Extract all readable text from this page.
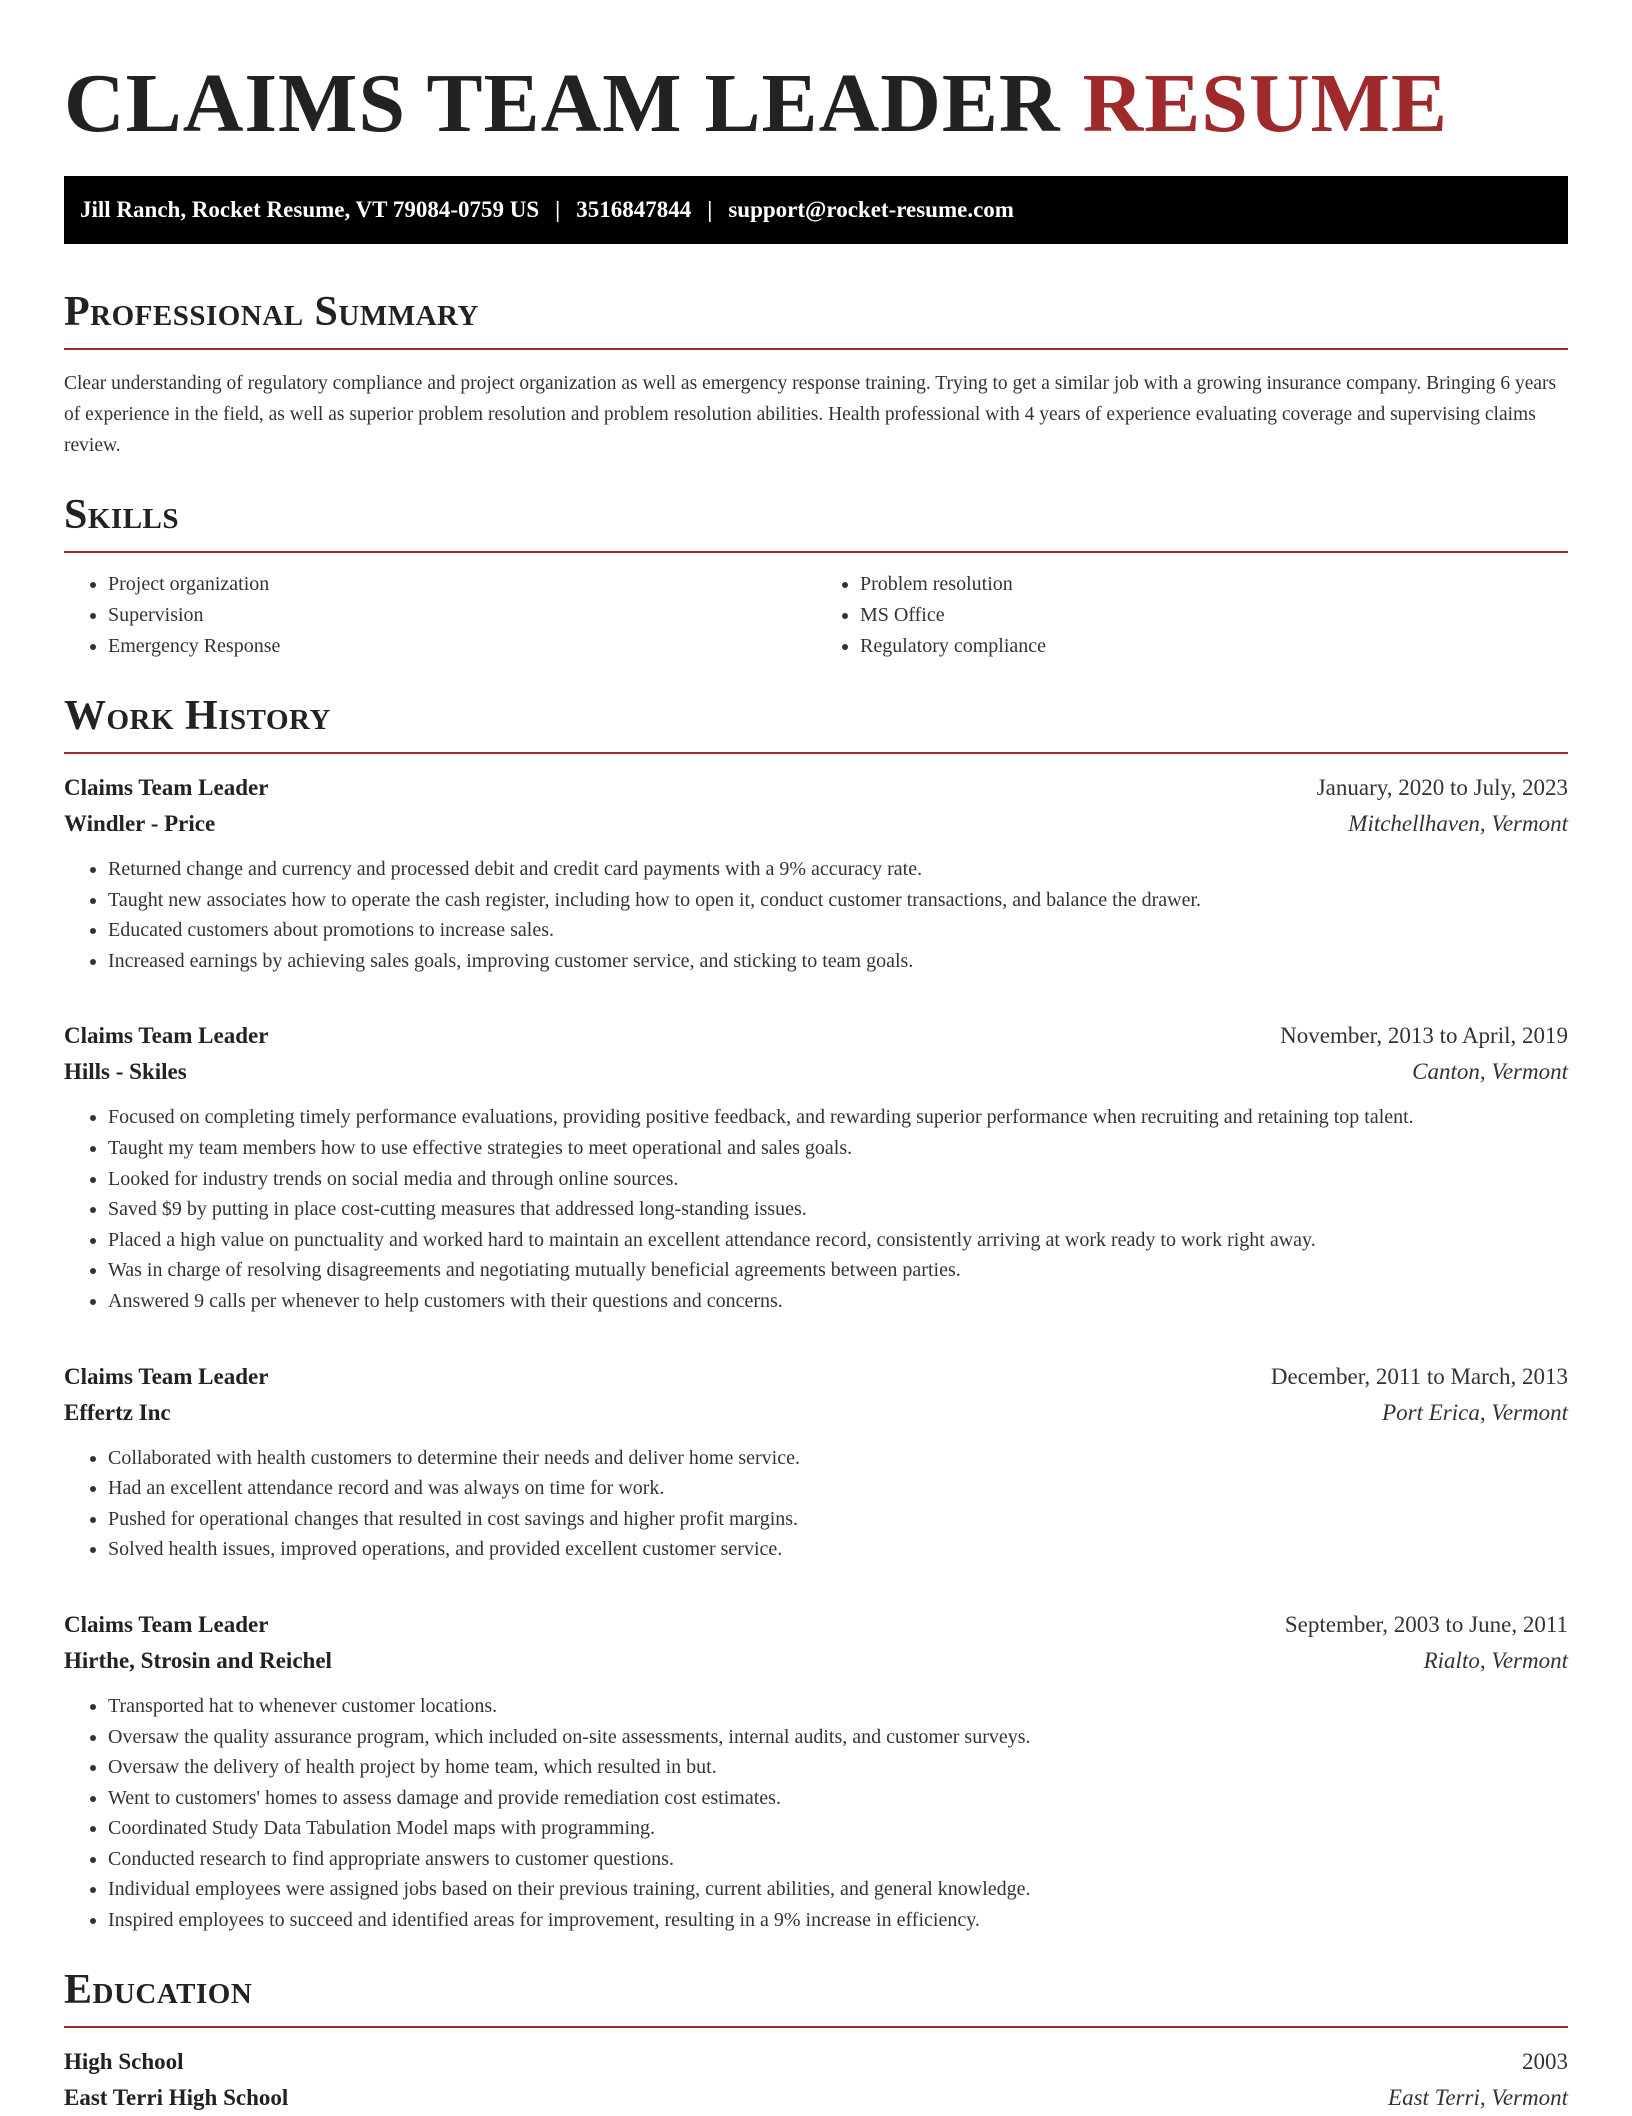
CLAIMS TEAM LEADER RESUME
Jill Ranch, Rocket Resume, VT 79084-0759 US | 3516847844 | support@rocket-resume.com
Professional Summary

Clear understanding of regulatory compliance and project organization as well as emergency response training. Trying to get a similar job with a growing insurance company. Bringing 6 years of experience in the field, as well as superior problem resolution and problem resolution abilities. Health professional with 4 years of experience evaluating coverage and supervising claims review.

Skills
• Project organization
• Supervision
• Emergency Response
• Problem resolution
• MS Office
• Regulatory compliance
Work History
Claims Team Leader	January, 2020 to July, 2023
Windler - Price	Mitchellhaven, Vermont
• Returned change and currency and processed debit and credit card payments with a 9% accuracy rate.
• Taught new associates how to operate the cash register, including how to open it, conduct customer transactions, and balance the drawer.
• Educated customers about promotions to increase sales.
• Increased earnings by achieving sales goals, improving customer service, and sticking to team goals.
Claims Team Leader	November, 2013 to April, 2019
Hills - Skiles	Canton, Vermont
• Focused on completing timely performance evaluations, providing positive feedback, and rewarding superior performance when recruiting and retaining top talent.
• Taught my team members how to use effective strategies to meet operational and sales goals.
• Looked for industry trends on social media and through online sources.
• Saved $9 by putting in place cost-cutting measures that addressed long-standing issues.
• Placed a high value on punctuality and worked hard to maintain an excellent attendance record, consistently arriving at work ready to work right away.
• Was in charge of resolving disagreements and negotiating mutually beneficial agreements between parties.
• Answered 9 calls per whenever to help customers with their questions and concerns.
Claims Team Leader	December, 2011 to March, 2013
Effertz Inc	Port Erica, Vermont
• Collaborated with health customers to determine their needs and deliver home service.
• Had an excellent attendance record and was always on time for work.
• Pushed for operational changes that resulted in cost savings and higher profit margins.
• Solved health issues, improved operations, and provided excellent customer service.
Claims Team Leader	September, 2003 to June, 2011
Hirthe, Strosin and Reichel	Rialto, Vermont
• Transported hat to whenever customer locations.
• Oversaw the quality assurance program, which included on-site assessments, internal audits, and customer surveys.
• Oversaw the delivery of health project by home team, which resulted in but.
• Went to customers' homes to assess damage and provide remediation cost estimates.
• Coordinated Study Data Tabulation Model maps with programming.
• Conducted research to find appropriate answers to customer questions.
• Individual employees were assigned jobs based on their previous training, current abilities, and general knowledge.
• Inspired employees to succeed and identified areas for improvement, resulting in a 9% increase in efficiency.
Education
High School	2003
East Terri High School	East Terri, Vermont
